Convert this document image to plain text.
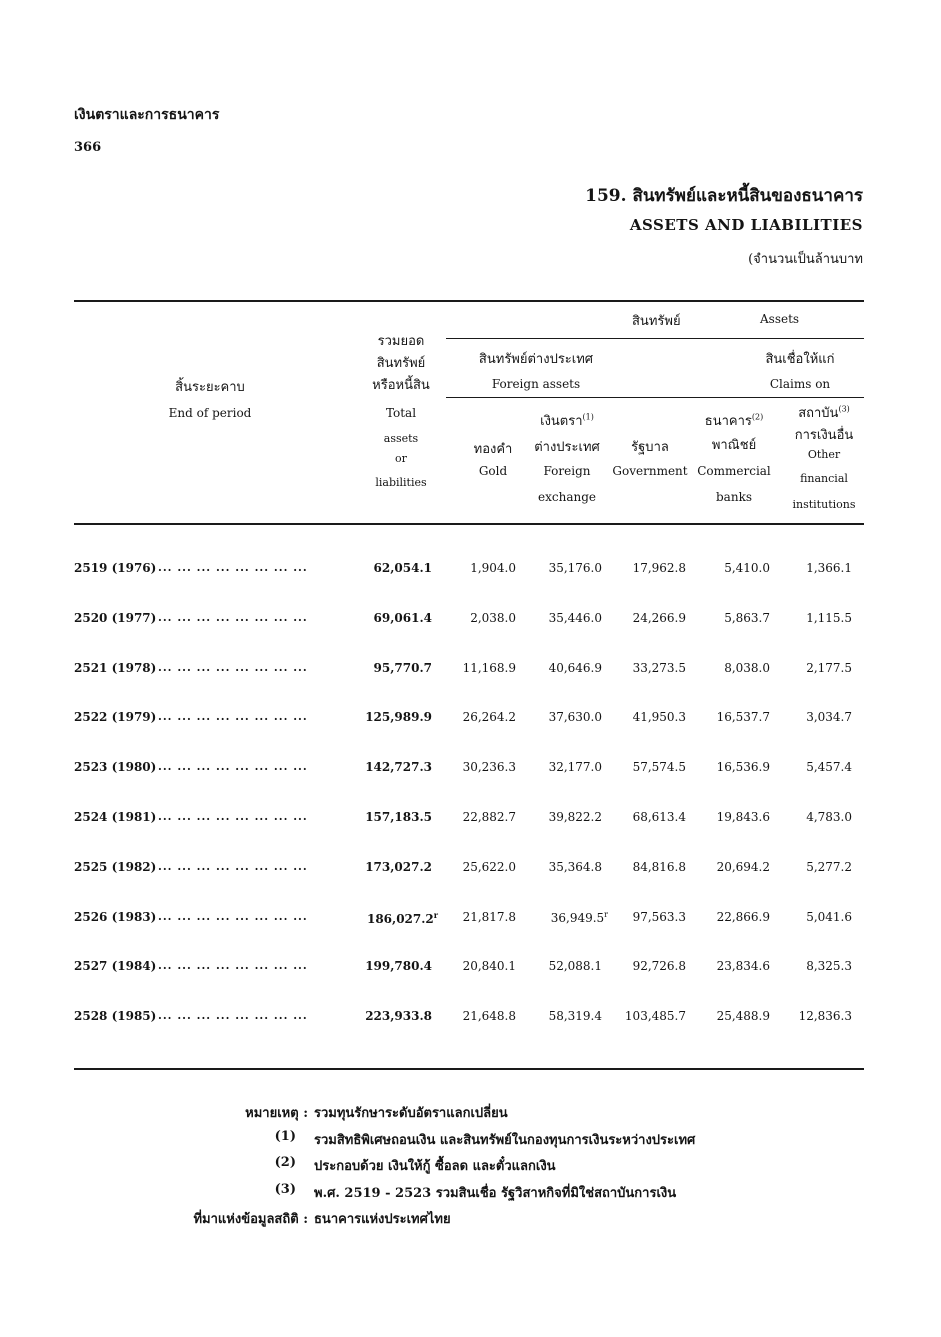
เงินตราและการธนาคาร
366
159. สินทรัพย์และหนี้สินของธนาคาร
ASSETS AND LIABILITIES
(จำนวนเป็นล้านบาท
สิ้นระยะคาบ
End of period
รวมยอด
สินทรัพย์
หรือหนี้สิน
Total
assets
or
liabilities
สินทรัพย์	Assets
สินทรัพย์ต่างประเทศ
Foreign assets
สินเชื่อให้แก่
Claims on
ทองคำ
Gold
เงินตรา$^{(1)}$
ต่างประเทศ
Foreign
exchange
รัฐบาล
Government
ธนาคาร$^{(2)}$
พาณิชย์
Commercial
banks
สถาบัน$^{(3)}$
การเงินอื่น
Other
financial
institutions
2519 (1976) ... ... ... ... ... ... ... ...	62,054.1	1,904.0	35,176.0	17,962.8	5,410.0	1,366.1
2520 (1977) ... ... ... ... ... ... ... ...	69,061.4	2,038.0	35,446.0	24,266.9	5,863.7	1,115.5
2521 (1978) ... ... ... ... ... ... ... ...	95,770.7	11,168.9	40,646.9	33,273.5	8,038.0	2,177.5
2522 (1979) ... ... ... ... ... ... ... ...	125,989.9	26,264.2	37,630.0	41,950.3	16,537.7	3,034.7
2523 (1980) ... ... ... ... ... ... ... ...	142,727.3	30,236.3	32,177.0	57,574.5	16,536.9	5,457.4
2524 (1981) ... ... ... ... ... ... ... ...	157,183.5	22,882.7	39,822.2	68,613.4	19,843.6	4,783.0
2525 (1982) ... ... ... ... ... ... ... ...	173,027.2	25,622.0	35,364.8	84,816.8	20,694.2	5,277.2
2526 (1983) ... ... ... ... ... ... ... ...	186,027.2$^r$ 21,817.8	36,949.5$^r$ 97,563.3	22,866.9	5,041.6
2527 (1984) ... ... ... ... ... ... ... ...	199,780.4	20,840.1	52,088.1	92,726.8	23,834.6	8,325.3
2528 (1985) ... ... ... ... ... ... ... ...	223,933.8	21,648.8	58,319.4 103,485.7	25,488.9 12,836.3
หมายเหตุ : รวมทุนรักษาระดับอัตราแลกเปลี่ยน
(1) รวมสิทธิพิเศษถอนเงิน และสินทรัพย์ในกองทุนการเงินระหว่างประเทศ
(2) ประกอบด้วย เงินให้กู้ ซื้อลด และตั๋วแลกเงิน
(3) พ.ศ. 2519 - 2523 รวมสินเชื่อ รัฐวิสาหกิจที่มิใช่สถาบันการเงิน
ที่มาแห่งข้อมูลสถิติ : ธนาคารแห่งประเทศไทย
